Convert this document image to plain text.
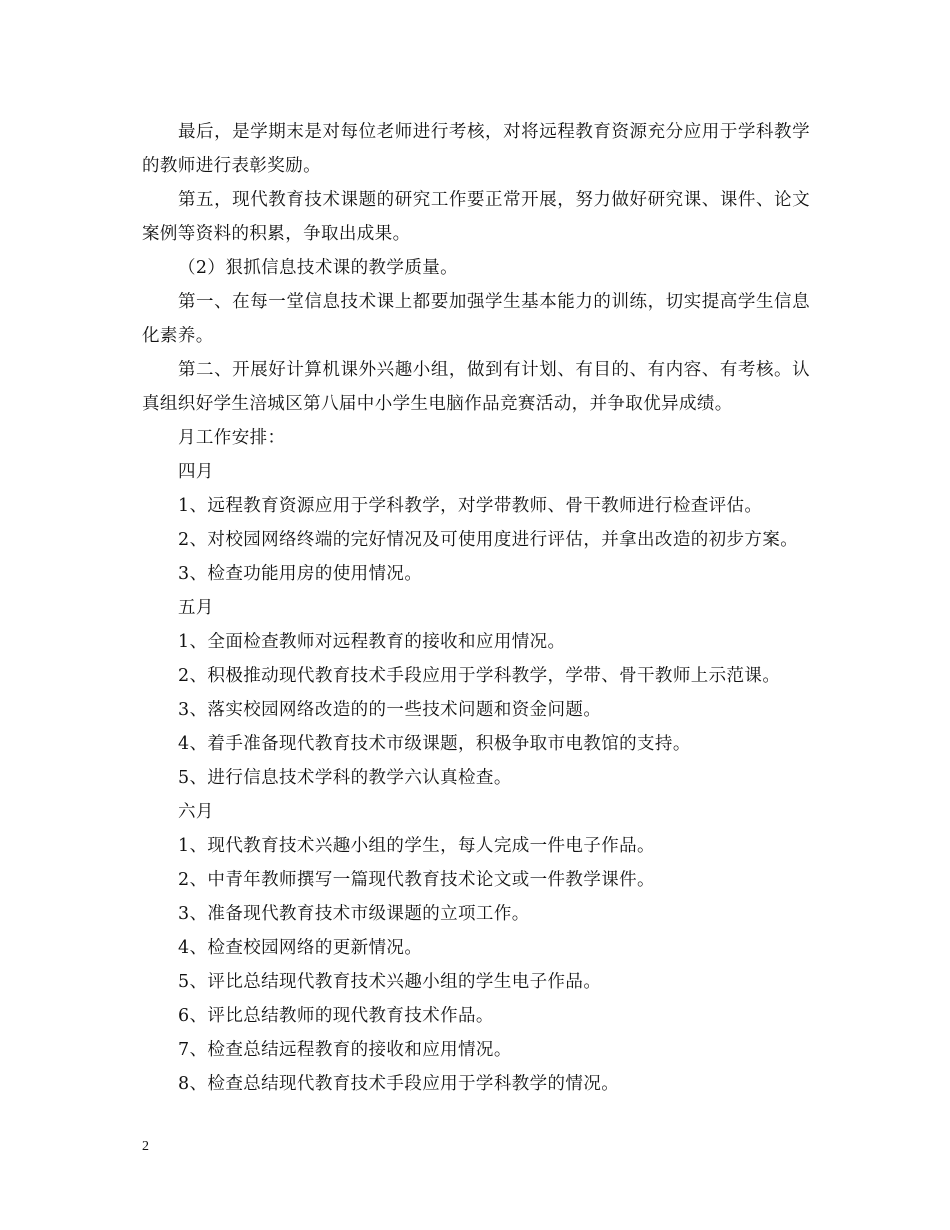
最后，是学期末是对每位老师进行考核，对将远程教育资源充分应用于学科教学的教师进行表彰奖励。

第五，现代教育技术课题的研究工作要正常开展，努力做好研究课、课件、论文案例等资料的积累，争取出成果。

（2）狠抓信息技术课的教学质量。

第一、在每一堂信息技术课上都要加强学生基本能力的训练，切实提高学生信息化素养。

第二、开展好计算机课外兴趣小组，做到有计划、有目的、有内容、有考核。认真组织好学生涪城区第八届中小学生电脑作品竞赛活动，并争取优异成绩。

月工作安排：

四月

1、远程教育资源应用于学科教学，对学带教师、骨干教师进行检查评估。

2、对校园网络终端的完好情况及可使用度进行评估，并拿出改造的初步方案。

3、检查功能用房的使用情况。

五月

1、全面检查教师对远程教育的接收和应用情况。

2、积极推动现代教育技术手段应用于学科教学，学带、骨干教师上示范课。

3、落实校园网络改造的的一些技术问题和资金问题。

4、着手准备现代教育技术市级课题，积极争取市电教馆的支持。

5、进行信息技术学科的教学六认真检查。

六月

1、现代教育技术兴趣小组的学生，每人完成一件电子作品。

2、中青年教师撰写一篇现代教育技术论文或一件教学课件。

3、准备现代教育技术市级课题的立项工作。

4、检查校园网络的更新情况。

5、评比总结现代教育技术兴趣小组的学生电子作品。

6、评比总结教师的现代教育技术作品。

7、检查总结远程教育的接收和应用情况。

8、检查总结现代教育技术手段应用于学科教学的情况。

2
